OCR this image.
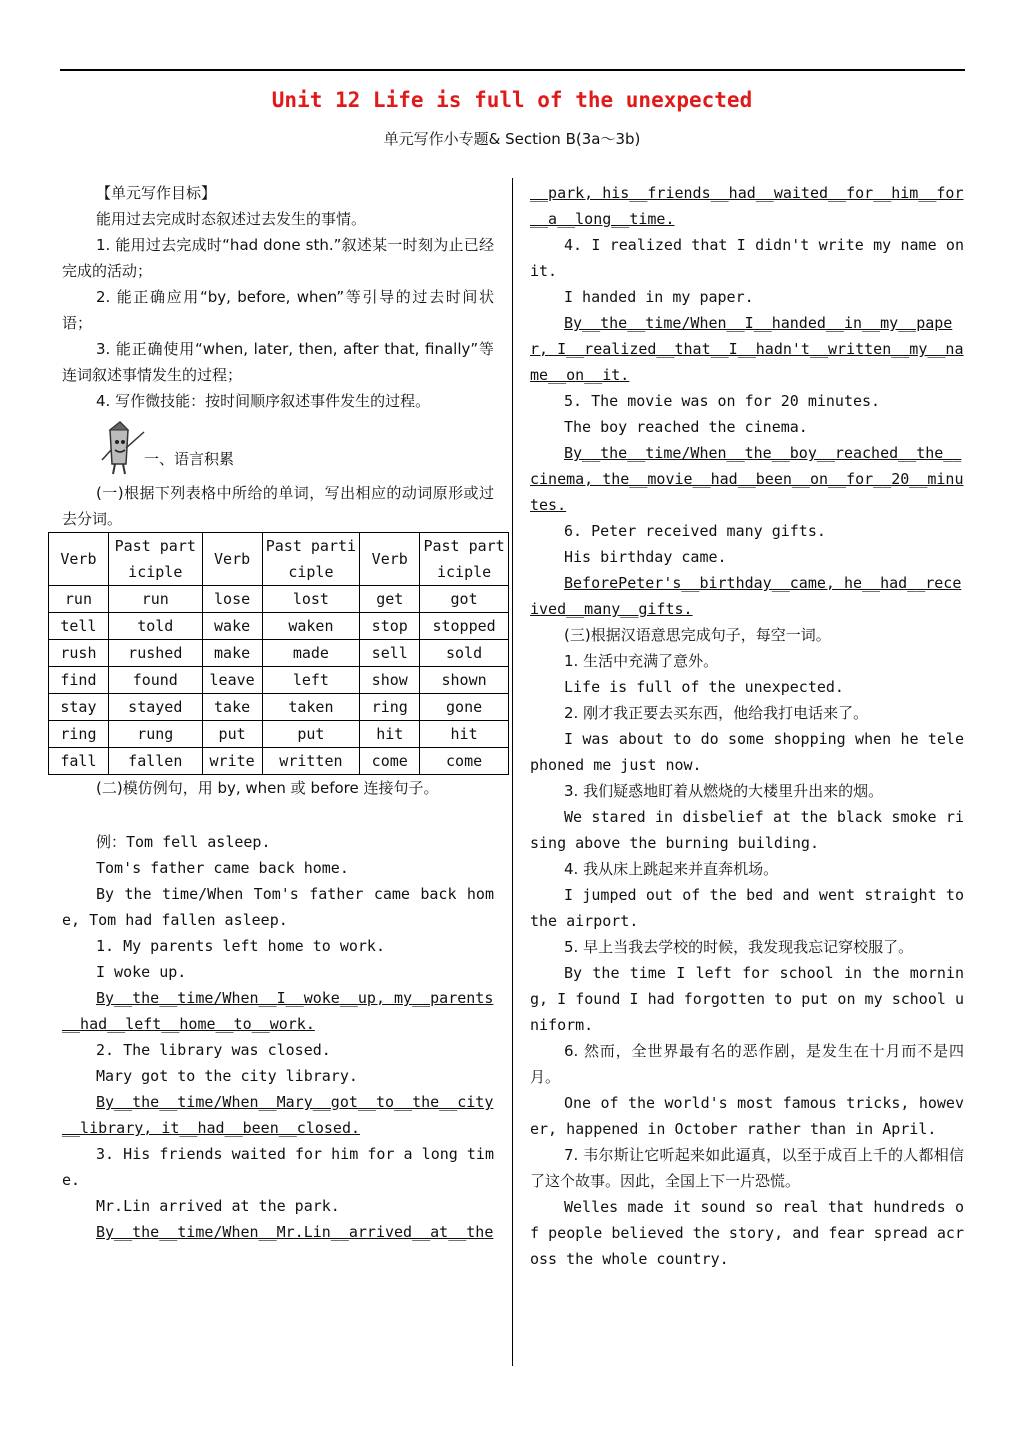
Unit 12 Life is full of the unexpected
单元写作小专题& Section B(3a～3b)

【单元写作目标】

能用过去完成时态叙述过去发生的事情。

1. 能用过去完成时“had done sth.”叙述某一时刻为止已经完成的活动；

2. 能正确应用“by, before, when”等引导的过去时间状语；

3. 能正确使用“when, later, then, after that, finally”等连词叙述事情发生的过程；

4. 写作微技能：按时间顺序叙述事件发生的过程。

一、语言积累

(一)根据下列表格中所给的单词，写出相应的动词原形或过去分词。

Verb	Past participle	Verb	Past participle	Verb	Past participle
run	run	lose	lost	get	got
tell	told	wake	waken	stop	stopped
rush	rushed	make	made	sell	sold
find	found	leave	left	show	shown
stay	stayed	take	taken	ring	gone
ring	rung	put	put	hit	hit
fall	fallen	write	written	come	come

(二)模仿例句，用 by, when 或 before 连接句子。

例：Tom fell asleep.

Tom's father came back home.

By the time/When Tom's father came back home, Tom had fallen asleep.

1. My parents left home to work.

I woke up.

By__the__time/When__I__woke__up, my__parents__had__left__home__to__work.

2. The library was closed.

Mary got to the city library.

By__the__time/When__Mary__got__to__the__city__library, it__had__been__closed.

3. His friends waited for him for a long time.

Mr.Lin arrived at the park.

By__the__time/When__Mr.Lin__arrived__at__the

__park, his__friends__had__waited__for__him__for__a__long__time.

4. I realized that I didn't write my name on it.

I handed in my paper.

By__the__time/When__I__handed__in__my__paper, I__realized__that__I__hadn't__written__my__name__on__it.

5. The movie was on for 20 minutes.

The boy reached the cinema.

By__the__time/When__the__boy__reached__the__cinema, the__movie__had__been__on__for__20__minutes.

6. Peter received many gifts.

His birthday came.

BeforePeter's__birthday__came, he__had__received__many__gifts.

(三)根据汉语意思完成句子，每空一词。

1. 生活中充满了意外。

Life is full of the unexpected.

2. 刚才我正要去买东西，他给我打电话来了。

I was about to do some shopping when he telephoned me just now.

3. 我们疑惑地盯着从燃烧的大楼里升出来的烟。

We stared in disbelief at the black smoke rising above the burning building.

4. 我从床上跳起来并直奔机场。

I jumped out of the bed and went straight to the airport.

5. 早上当我去学校的时候，我发现我忘记穿校服了。

By the time I left for school in the morning, I found I had forgotten to put on my school uniform.

6. 然而，全世界最有名的恶作剧，是发生在十月而不是四月。

One of the world's most famous tricks, however, happened in October rather than in April.

7. 韦尔斯让它听起来如此逼真，以至于成百上千的人都相信了这个故事。因此，全国上下一片恐慌。

Welles made it sound so real that hundreds of people believed the story, and fear spread across the whole country.
